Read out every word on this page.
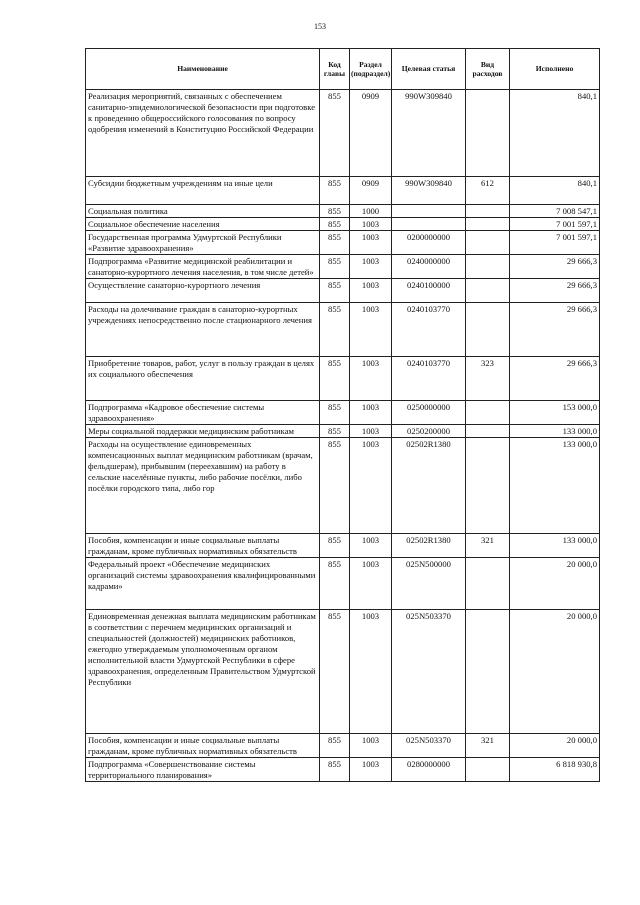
153
Наименование	Код главы	Раздел (подраздел)	Целевая статья	Вид расходов	Исполнено
Реализация мероприятий, связанных с обеспечением санитарно-эпидемиологической безопасности при подготовке к проведению общероссийского голосования по вопросу одобрения изменений в Конституцию Российской Федерации	855	0909	990W309840		840,1
Субсидии бюджетным учреждениям на иные цели	855	0909	990W309840	612	840,1
Социальная политика	855	1000			7 008 547,1
Социальное обеспечение населения	855	1003			7 001 597,1
Государственная программа Удмуртской Республики «Развитие здравоохранения»	855	1003	0200000000		7 001 597,1
Подпрограмма «Развитие медицинской реабилитации и санаторно-курортного лечения населения, в том числе детей»	855	1003	0240000000		29 666,3
Осуществление санаторно-курортного лечения	855	1003	0240100000		29 666,3
Расходы на долечивание граждан в санаторно-курортных учреждениях непосредственно после стационарного лечения	855	1003	0240103770		29 666,3
Приобретение товаров, работ, услуг в пользу граждан в целях их социального обеспечения	855	1003	0240103770	323	29 666,3
Подпрограмма «Кадровое обеспечение системы здравоохранения»	855	1003	0250000000		153 000,0
Меры социальной поддержки медицинским работникам	855	1003	0250200000		133 000,0
Расходы на осуществление единовременных компенсационных выплат медицинским работникам (врачам, фельдшерам), прибывшим (переехавшим) на работу в сельские населённые пункты, либо рабочие посёлки, либо посёлки городского типа, либо гор	855	1003	02502R1380		133 000,0
Пособия, компенсации и иные социальные выплаты гражданам, кроме публичных нормативных обязательств	855	1003	02502R1380	321	133 000,0
Федеральный проект «Обеспечение медицинских организаций системы здравоохранения квалифицированными кадрами»	855	1003	025N500000		20 000,0
Единовременная денежная выплата медицинским работникам в соответствии с перечнем медицинских организаций и специальностей (должностей) медицинских работников, ежегодно утверждаемым уполномоченным органом исполнительной власти Удмуртской Республики в сфере здравоохранения, определенным Правительством Удмуртской Республики	855	1003	025N503370		20 000,0
Пособия, компенсации и иные социальные выплаты гражданам, кроме публичных нормативных обязательств	855	1003	025N503370	321	20 000,0
Подпрограмма «Совершенствование системы территориального планирования»	855	1003	0280000000		6 818 930,8
